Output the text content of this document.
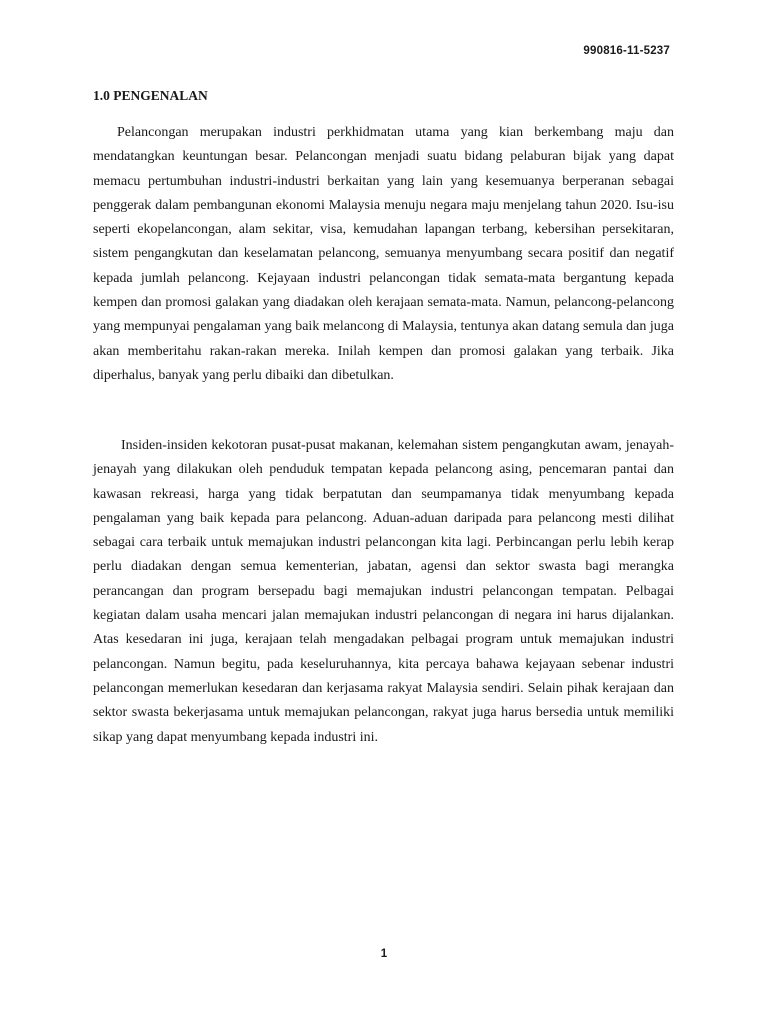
990816-11-5237
1.0 PENGENALAN

Pelancongan merupakan industri perkhidmatan utama yang kian berkembang maju dan mendatangkan keuntungan besar. Pelancongan menjadi suatu bidang pelaburan bijak yang dapat memacu pertumbuhan industri-industri berkaitan yang lain yang kesemuanya berperanan sebagai penggerak dalam pembangunan ekonomi Malaysia menuju negara maju menjelang tahun 2020. Isu-isu seperti ekopelancongan, alam sekitar, visa, kemudahan lapangan terbang, kebersihan persekitaran, sistem pengangkutan dan keselamatan pelancong, semuanya menyumbang secara positif dan negatif kepada jumlah pelancong. Kejayaan industri pelancongan tidak semata-mata bergantung kepada kempen dan promosi galakan yang diadakan oleh kerajaan semata-mata. Namun, pelancong-pelancong yang mempunyai pengalaman yang baik melancong di Malaysia, tentunya akan datang semula dan juga akan memberitahu rakan-rakan mereka. Inilah kempen dan promosi galakan yang terbaik. Jika diperhalus, banyak yang perlu dibaiki dan dibetulkan.

Insiden-insiden kekotoran pusat-pusat makanan, kelemahan sistem pengangkutan awam, jenayah-jenayah yang dilakukan oleh penduduk tempatan kepada pelancong asing, pencemaran pantai dan kawasan rekreasi, harga yang tidak berpatutan dan seumpamanya tidak menyumbang kepada pengalaman yang baik kepada para pelancong. Aduan-aduan daripada para pelancong mesti dilihat sebagai cara terbaik untuk memajukan industri pelancongan kita lagi. Perbincangan perlu lebih kerap perlu diadakan dengan semua kementerian, jabatan, agensi dan sektor swasta bagi merangka perancangan dan program bersepadu bagi memajukan industri pelancongan tempatan. Pelbagai kegiatan dalam usaha mencari jalan memajukan industri pelancongan di negara ini harus dijalankan. Atas kesedaran ini juga, kerajaan telah mengadakan pelbagai program untuk memajukan industri pelancongan. Namun begitu, pada keseluruhannya, kita percaya bahawa kejayaan sebenar industri pelancongan memerlukan kesedaran dan kerjasama rakyat Malaysia sendiri. Selain pihak kerajaan dan sektor swasta bekerjasama untuk memajukan pelancongan, rakyat juga harus bersedia untuk memiliki sikap yang dapat menyumbang kepada industri ini.

1
